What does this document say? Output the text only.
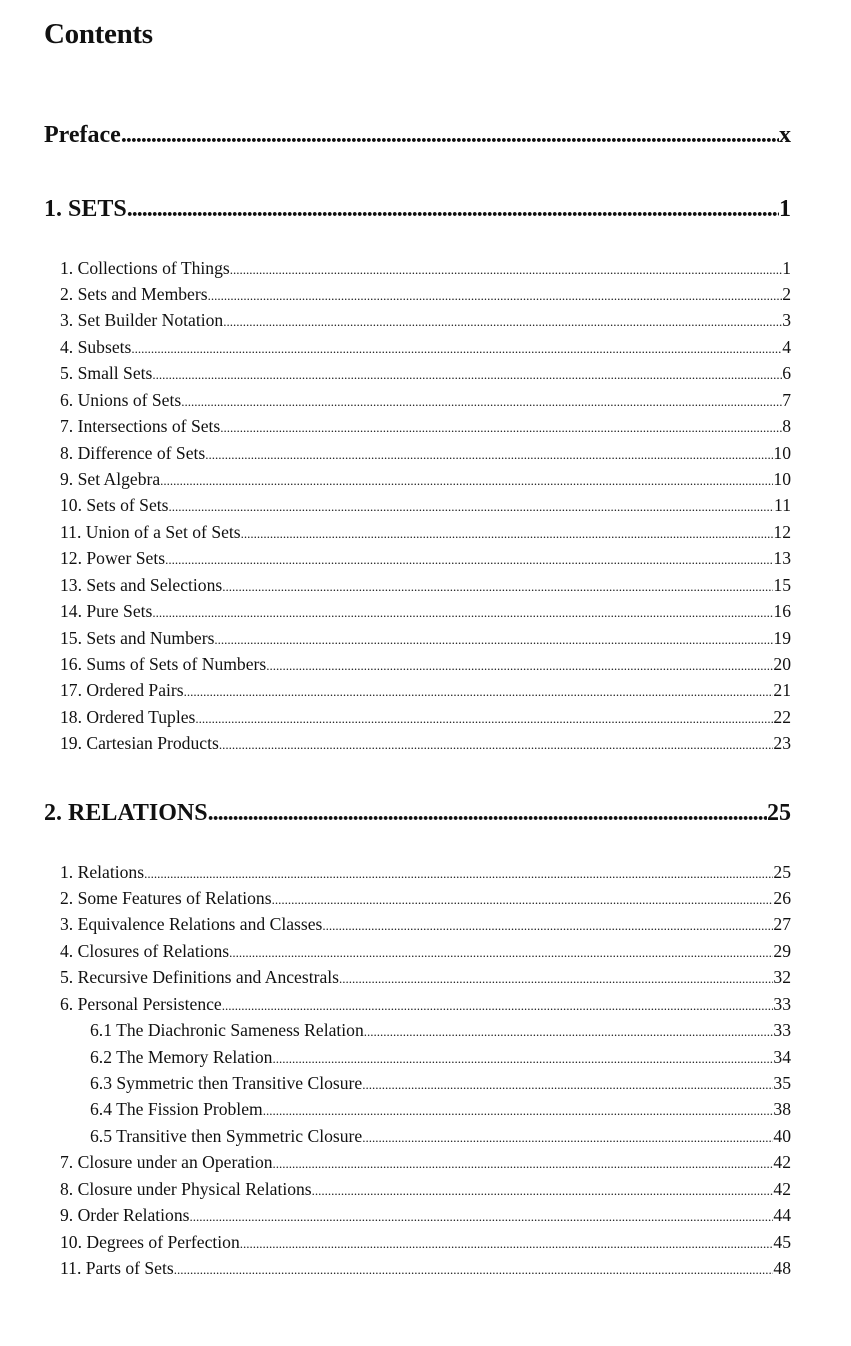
Contents
Preface .....	x
1. SETS .....	1
1. Collections of Things .....	1
2. Sets and Members .....	2
3. Set Builder Notation .....	3
4. Subsets .....	4
5. Small Sets .....	6
6. Unions of Sets .....	7
7. Intersections of Sets .....	8
8. Difference of Sets .....	10
9. Set Algebra .....	10
10. Sets of Sets .....	11
11. Union of a Set of Sets .....	12
12. Power Sets .....	13
13. Sets and Selections .....	15
14. Pure Sets .....	16
15. Sets and Numbers .....	19
16. Sums of Sets of Numbers .....	20
17. Ordered Pairs .....	21
18. Ordered Tuples .....	22
19. Cartesian Products .....	23
2. RELATIONS .....	25
1. Relations .....	25
2. Some Features of Relations .....	26
3. Equivalence Relations and Classes .....	27
4. Closures of Relations .....	29
5. Recursive Definitions and Ancestrals .....	32
6. Personal Persistence .....	33
6.1 The Diachronic Sameness Relation .....	33
6.2 The Memory Relation .....	34
6.3 Symmetric then Transitive Closure .....	35
6.4 The Fission Problem .....	38
6.5 Transitive then Symmetric Closure .....	40
7. Closure under an Operation .....	42
8. Closure under Physical Relations .....	42
9. Order Relations .....	44
10. Degrees of Perfection .....	45
11. Parts of Sets .....	48
